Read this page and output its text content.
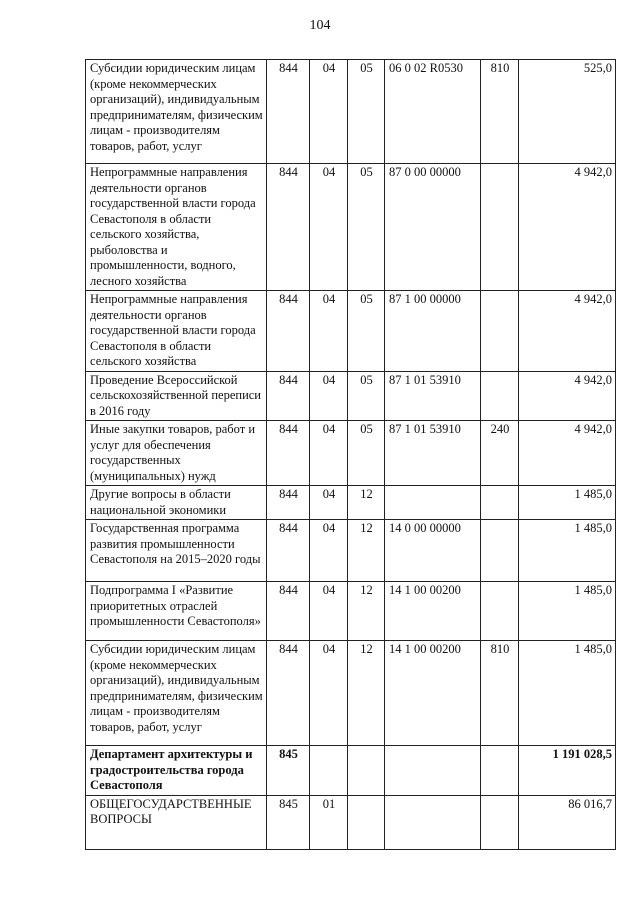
104
Субсидии юридическим лицам (кроме некоммерческих организаций), индивидуальным предпринимателям, физическим лицам - производителям товаров, работ, услуг	844	04	05	06 0 02 R0530	810	525,0
Непрограммные направления деятельности органов государственной власти города Севастополя в области сельского хозяйства, рыболовства и промышленности, водного, лесного хозяйства	844	04	05	87 0 00 00000		4 942,0
Непрограммные направления деятельности органов государственной власти города Севастополя в области сельского хозяйства	844	04	05	87 1 00 00000		4 942,0
Проведение Всероссийской сельскохозяйственной переписи в 2016 году	844	04	05	87 1 01 53910		4 942,0
Иные закупки товаров, работ и услуг для обеспечения государственных (муниципальных) нужд	844	04	05	87 1 01 53910	240	4 942,0
Другие вопросы в области национальной экономики	844	04	12			1 485,0
Государственная программа развития промышленности Севастополя на 2015–2020 годы	844	04	12	14 0 00 00000		1 485,0
Подпрограмма I «Развитие приоритетных отраслей промышленности Севастополя»	844	04	12	14 1 00 00200		1 485,0
Субсидии юридическим лицам (кроме некоммерческих организаций), индивидуальным предпринимателям, физическим лицам - производителям товаров, работ, услуг	844	04	12	14 1 00 00200	810	1 485,0
Департамент архитектуры и градостроительства города Севастополя	845					1 191 028,5
ОБЩЕГОСУДАРСТВЕННЫЕ ВОПРОСЫ	845	01				86 016,7
